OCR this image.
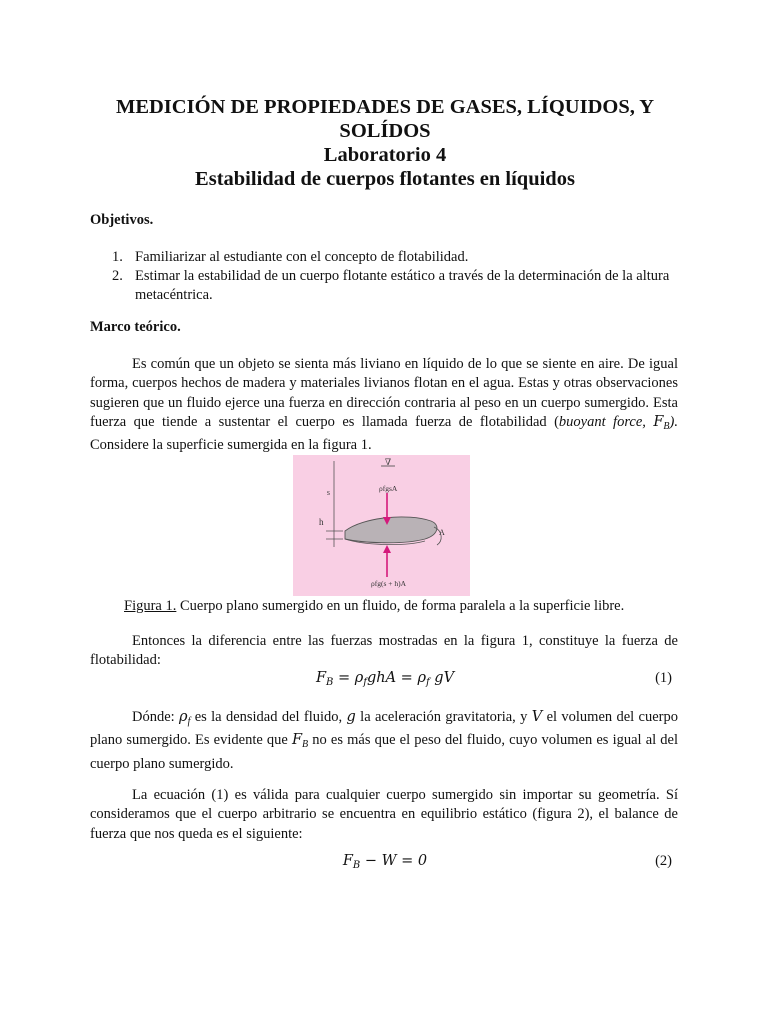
MEDICIÓN DE PROPIEDADES DE GASES, LÍQUIDOS, Y
SOLÍDOS
Laboratorio 4
Estabilidad de cuerpos flotantes en líquidos
Objetivos.
1. Familiarizar al estudiante con el concepto de flotabilidad.
2. Estimar la estabilidad de un cuerpo flotante estático a través de la determinación de la altura metacéntrica.
Marco teórico.
Es común que un objeto se sienta más liviano en líquido de lo que se siente en aire. De igual forma, cuerpos hechos de madera y materiales livianos flotan en el agua. Estas y otras observaciones sugieren que un fluido ejerce una fuerza en dirección contraria al peso en un cuerpo sumergido. Esta fuerza que tiende a sustentar el cuerpo es llamada fuerza de flotabilidad (buoyant force, $F_B$). Considere la superficie sumergida en la figura 1.
∇
s
h
A
ρfgsA
ρfg(s + h)A
Figura 1. Cuerpo plano sumergido en un fluido, de forma paralela a la superficie libre.
Entonces la diferencia entre las fuerzas mostradas en la figura 1, constituye la fuerza de flotabilidad:
$F_B = \rho_fghA = \rho_f$ gV	(1)
Dónde: $\rho_f$ es la densidad del fluido, g la aceleración gravitatoria, y V el volumen del cuerpo plano sumergido. Es evidente que $F_B$ no es más que el peso del fluido, cuyo volumen es igual al del cuerpo plano sumergido.
La ecuación (1) es válida para cualquier cuerpo sumergido sin importar su geometría. Sí consideramos que el cuerpo arbitrario se encuentra en equilibrio estático (figura 2), el balance de fuerza que nos queda es el siguiente:
$F_B - W = 0$	(2)
